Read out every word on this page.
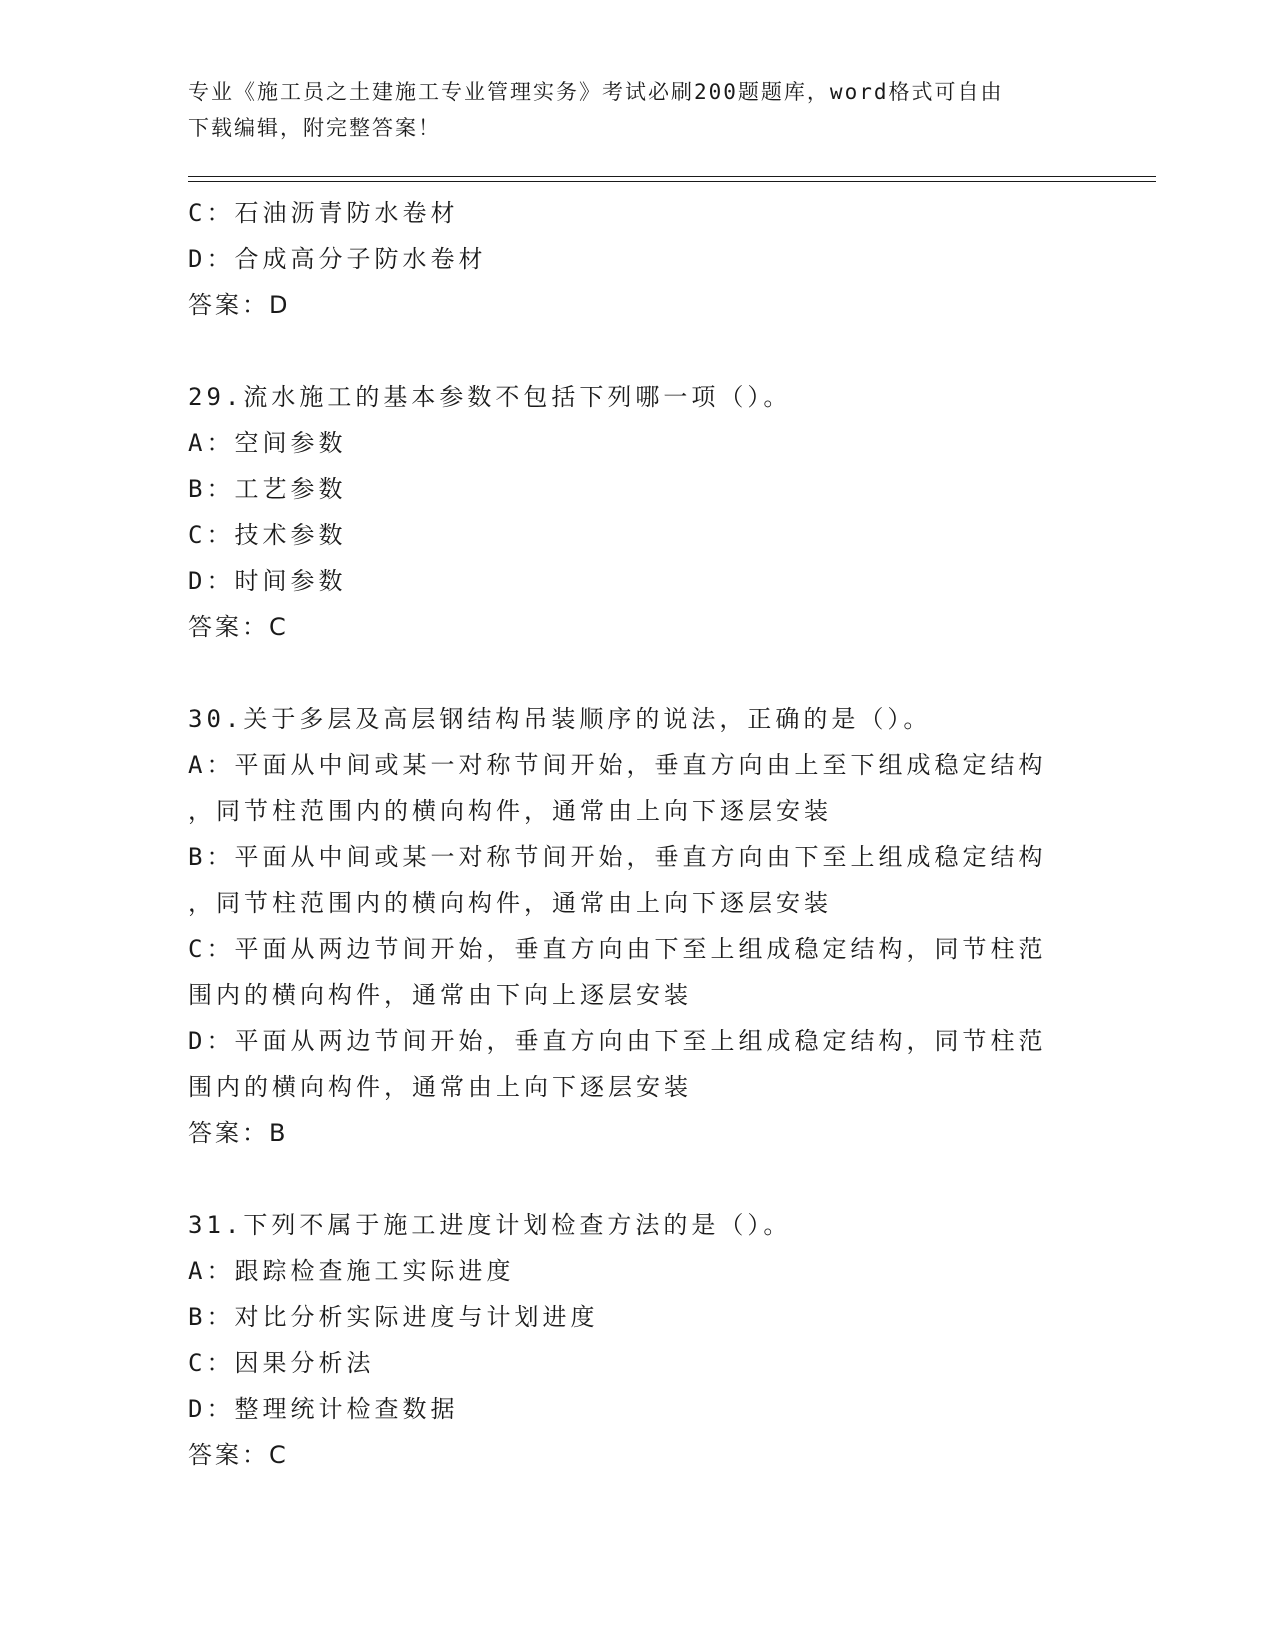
专业《施工员之土建施工专业管理实务》考试必刷200题题库，word格式可自由
下载编辑，附完整答案！
C：石油沥青防水卷材
D：合成高分子防水卷材
答案：D
29.流水施工的基本参数不包括下列哪一项（）。
A：空间参数
B：工艺参数
C：技术参数
D：时间参数
答案：C
30.关于多层及高层钢结构吊装顺序的说法，正确的是（）。
A：平面从中间或某一对称节间开始，垂直方向由上至下组成稳定结构
，同节柱范围内的横向构件，通常由上向下逐层安装
B：平面从中间或某一对称节间开始，垂直方向由下至上组成稳定结构
，同节柱范围内的横向构件，通常由上向下逐层安装
C：平面从两边节间开始，垂直方向由下至上组成稳定结构，同节柱范
围内的横向构件，通常由下向上逐层安装
D：平面从两边节间开始，垂直方向由下至上组成稳定结构，同节柱范
围内的横向构件，通常由上向下逐层安装
答案：B
31.下列不属于施工进度计划检查方法的是（）。
A：跟踪检查施工实际进度
B：对比分析实际进度与计划进度
C：因果分析法
D：整理统计检查数据
答案：C
